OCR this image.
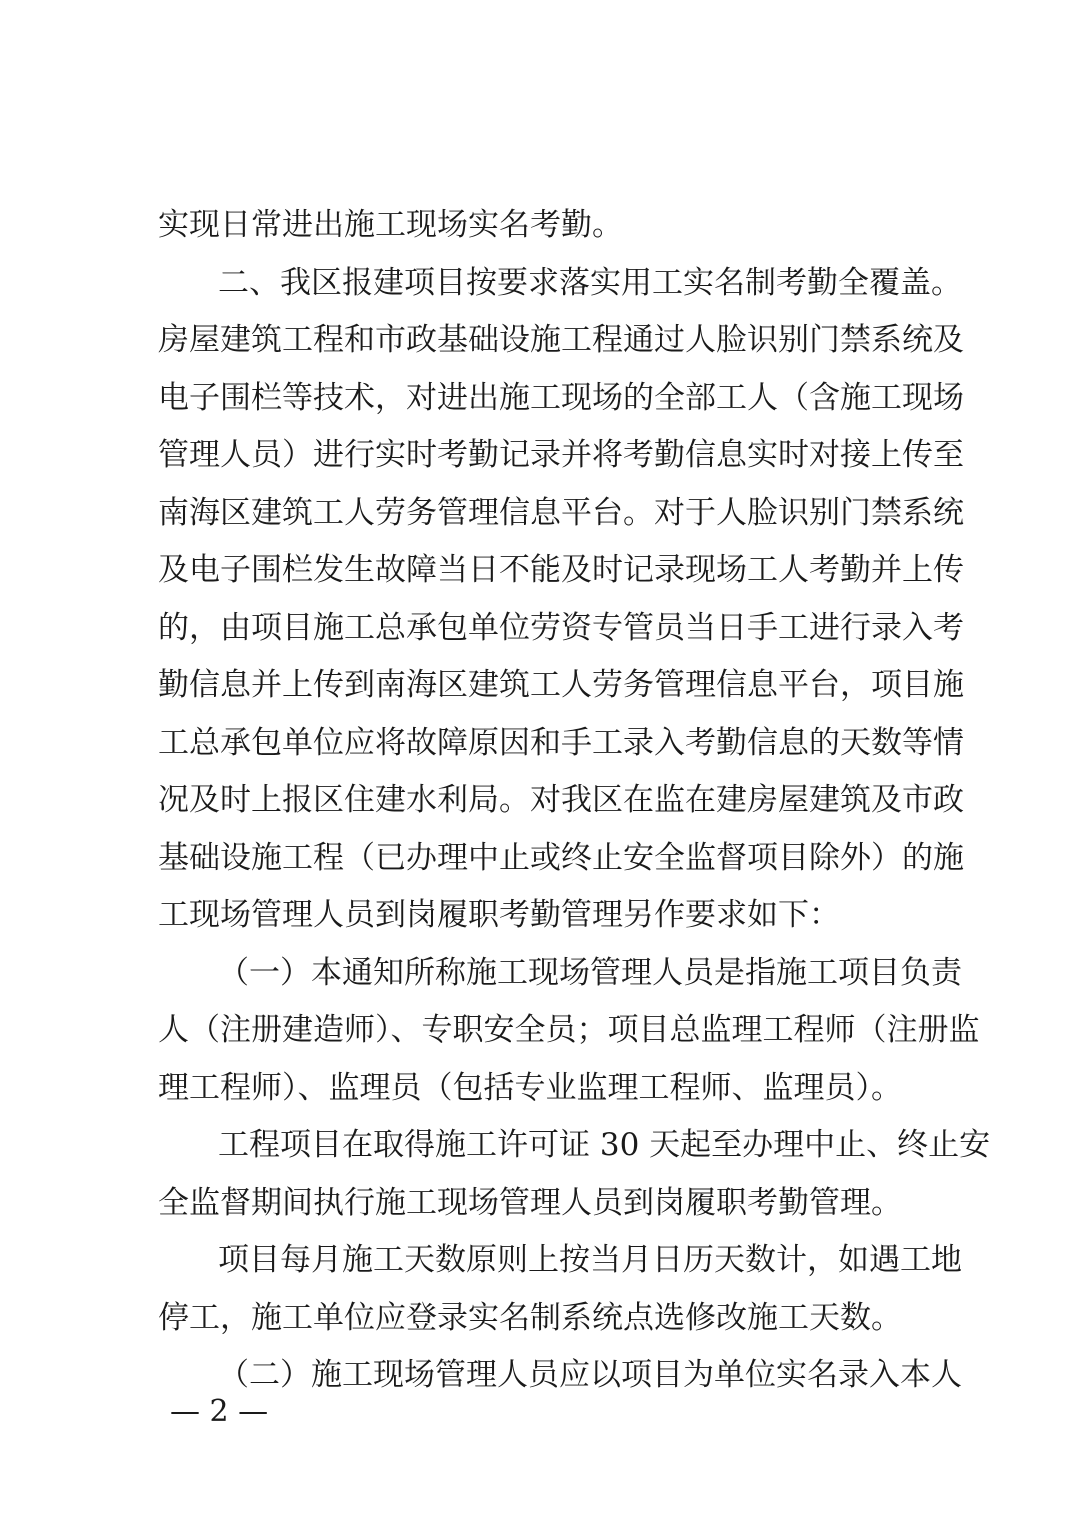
实现日常进出施工现场实名考勤。
二、我区报建项目按要求落实用工实名制考勤全覆盖。
房屋建筑工程和市政基础设施工程通过人脸识别门禁系统及
电子围栏等技术，对进出施工现场的全部工人（含施工现场
管理人员）进行实时考勤记录并将考勤信息实时对接上传至
南海区建筑工人劳务管理信息平台。对于人脸识别门禁系统
及电子围栏发生故障当日不能及时记录现场工人考勤并上传
的，由项目施工总承包单位劳资专管员当日手工进行录入考
勤信息并上传到南海区建筑工人劳务管理信息平台，项目施
工总承包单位应将故障原因和手工录入考勤信息的天数等情
况及时上报区住建水利局。对我区在监在建房屋建筑及市政
基础设施工程（已办理中止或终止安全监督项目除外）的施
工现场管理人员到岗履职考勤管理另作要求如下：
（一）本通知所称施工现场管理人员是指施工项目负责
人（注册建造师）、专职安全员；项目总监理工程师（注册监
理工程师）、监理员（包括专业监理工程师、监理员）。
工程项目在取得施工许可证 30 天起至办理中止、终止安
全监督期间执行施工现场管理人员到岗履职考勤管理。
项目每月施工天数原则上按当月日历天数计，如遇工地
停工，施工单位应登录实名制系统点选修改施工天数。
（二）施工现场管理人员应以项目为单位实名录入本人
— 2 —
